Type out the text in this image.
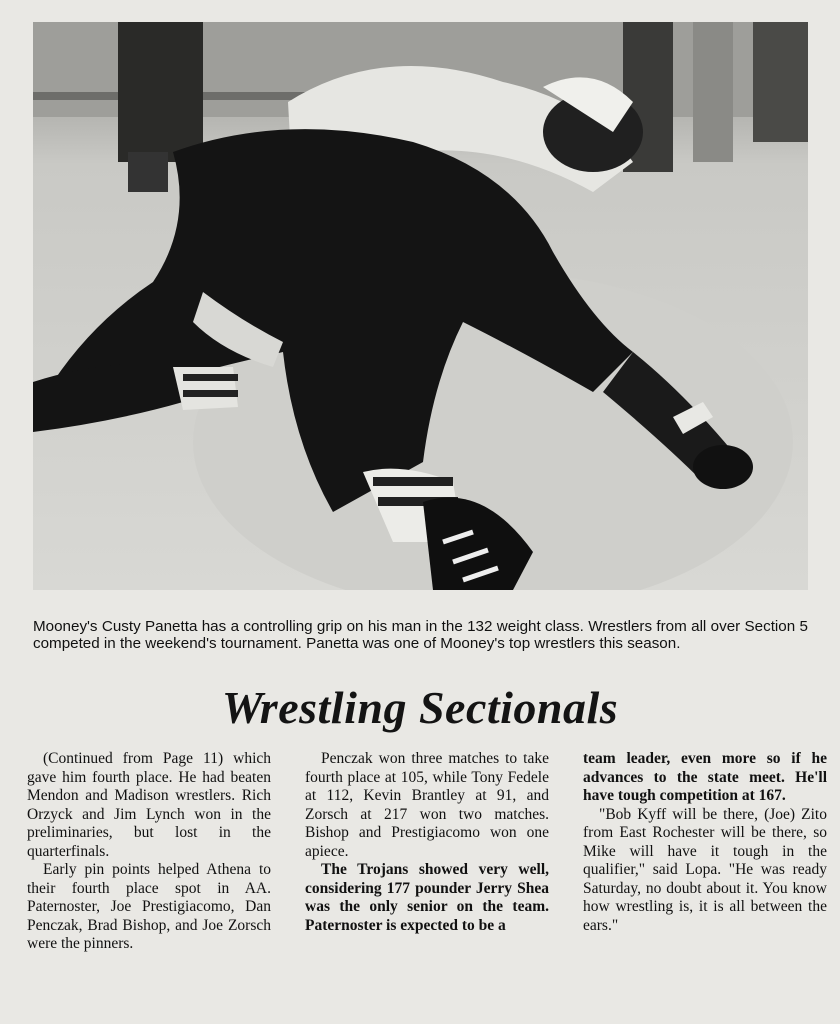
Mooney's Custy Panetta has a controlling grip on his man in the 132 weight class. Wrestlers from all over Section 5 competed in the weekend's tournament. Panetta was one of Mooney's top wrestlers this season.
Wrestling Sectionals

(Continued from Page 11) which gave him fourth place. He had beaten Mendon and Madison wrestlers. Rich Orzyck and Jim Lynch won in the preliminaries, but lost in the quarterfinals.

Early pin points helped Athena to their fourth place spot in AA. Paternoster, Joe Prestigiacomo, Dan Penczak, Brad Bishop, and Joe Zorsch were the pinners.

Penczak won three matches to take fourth place at 105, while Tony Fedele at 112, Kevin Brantley at 91, and Zorsch at 217 won two matches. Bishop and Prestigiacomo won one apiece.

The Trojans showed very well, considering 177 pounder Jerry Shea was the only senior on the team. Paternoster is expected to be a

team leader, even more so if he advances to the state meet. He'll have tough competition at 167.

"Bob Kyff will be there, (Joe) Zito from East Rochester will be there, so Mike will have it tough in the qualifier," said Lopa. "He was ready Saturday, no doubt about it. You know how wrestling is, it is all between the ears."
